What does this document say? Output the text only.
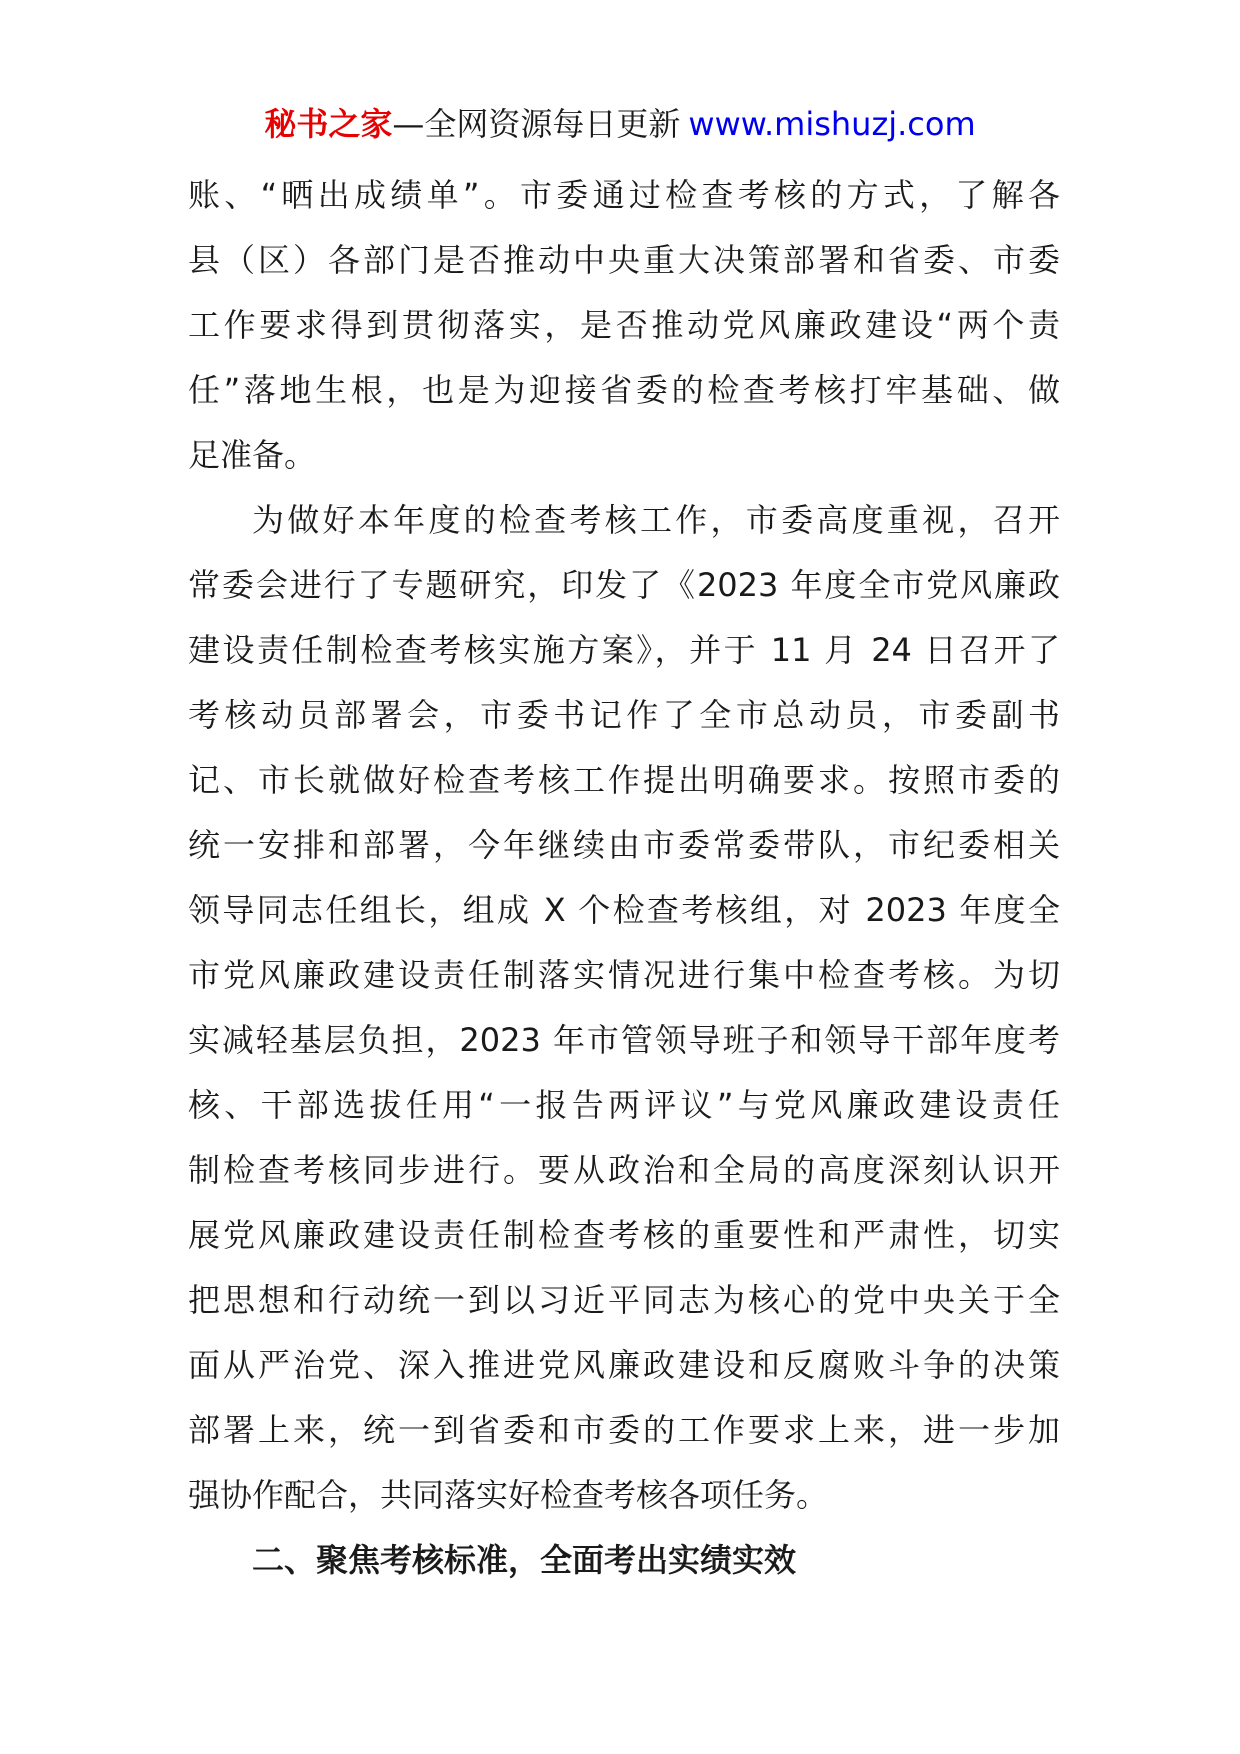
秘书之家—全网资源每日更新 www.mishuzj.com
账、“晒出成绩单”。市委通过检查考核的方式，了解各
县（区）各部门是否推动中央重大决策部署和省委、市委
工作要求得到贯彻落实，是否推动党风廉政建设“两个责
任”落地生根，也是为迎接省委的检查考核打牢基础、做
足准备。
为做好本年度的检查考核工作，市委高度重视，召开
常委会进行了专题研究，印发了《2023 年度全市党风廉政
建设责任制检查考核实施方案》，并于 11 月 24 日召开了
考核动员部署会，市委书记作了全市总动员，市委副书
记、市长就做好检查考核工作提出明确要求。按照市委的
统一安排和部署，今年继续由市委常委带队，市纪委相关
领导同志任组长，组成 X 个检查考核组，对 2023 年度全
市党风廉政建设责任制落实情况进行集中检查考核。为切
实减轻基层负担，2023 年市管领导班子和领导干部年度考
核、干部选拔任用“一报告两评议”与党风廉政建设责任
制检查考核同步进行。要从政治和全局的高度深刻认识开
展党风廉政建设责任制检查考核的重要性和严肃性，切实
把思想和行动统一到以习近平同志为核心的党中央关于全
面从严治党、深入推进党风廉政建设和反腐败斗争的决策
部署上来，统一到省委和市委的工作要求上来，进一步加
强协作配合，共同落实好检查考核各项任务。
二、聚焦考核标准，全面考出实绩实效
